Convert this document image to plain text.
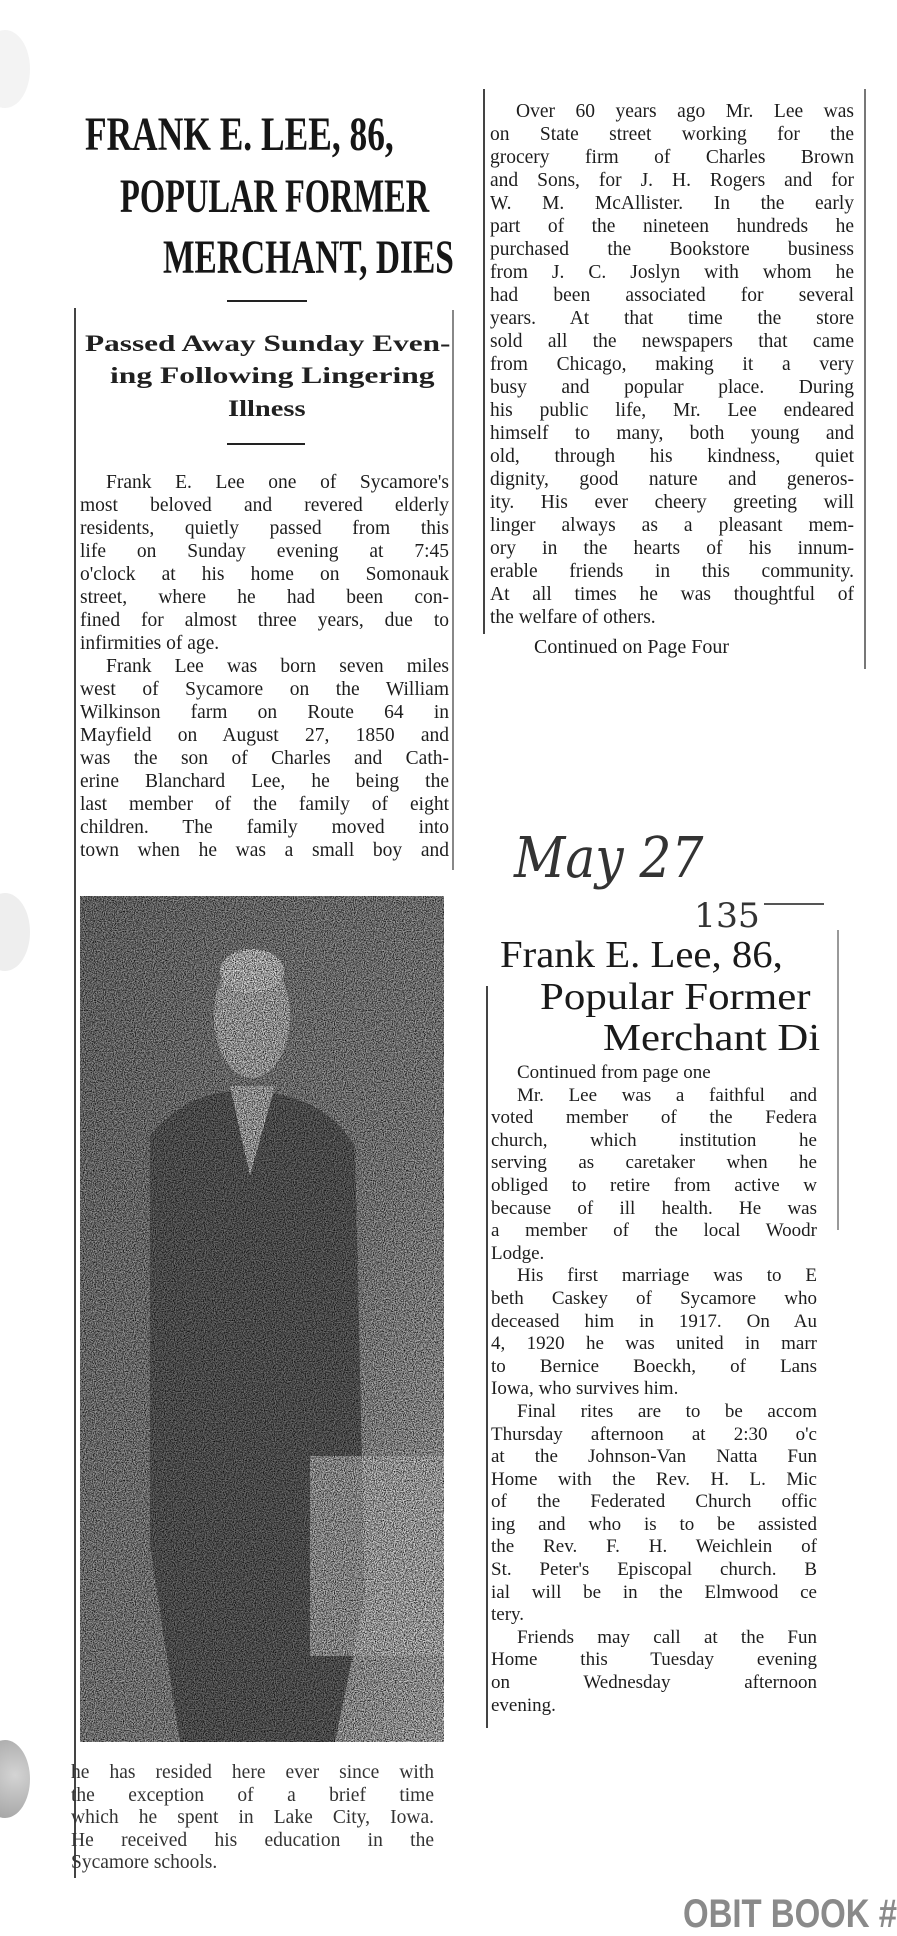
FRANK E. LEE, 86,
POPULAR FORMER
MERCHANT, DIES
Passed Away Sunday Even-
ing Following Lingering
Illness
Frank E. Lee one of Sycamore's
most beloved and revered elderly
residents, quietly passed from this
life on Sunday evening at 7:45
o'clock at his home on Somonauk
street, where he had been con-
fined for almost three years, due to
infirmities of age.
Frank Lee was born seven miles
west of Sycamore on the William
Wilkinson farm on Route 64 in
Mayfield on August 27, 1850 and
was the son of Charles and Cath-
erine Blanchard Lee, he being the
last member of the family of eight
children. The family moved into
town when he was a small boy and
he has resided here ever since with
the exception of a brief time
which he spent in Lake City, Iowa.
He received his education in the
Sycamore schools.
Over 60 years ago Mr. Lee was
on State street working for the
grocery firm of Charles Brown
and Sons, for J. H. Rogers and for
W. M. McAllister. In the early
part of the nineteen hundreds he
purchased the Bookstore business
from J. C. Joslyn with whom he
had been associated for several
years. At that time the store
sold all the newspapers that came
from Chicago, making it a very
busy and popular place. During
his public life, Mr. Lee endeared
himself to many, both young and
old, through his kindness, quiet
dignity, good nature and generos-
ity. His ever cheery greeting will
linger always as a pleasant mem-
ory in the hearts of his innum-
erable friends in this community.
At all times he was thoughtful of
the welfare of others.
Continued on Page Four
May 27
135
Frank E. Lee, 86,
Popular Former
Merchant Di
Continued from page one
Mr. Lee was a faithful and
voted member of the Federa
church, which institution he
serving as caretaker when he
obliged to retire from active w
because of ill health. He was
a member of the local Woodr
Lodge.
His first marriage was to E
beth Caskey of Sycamore who
deceased him in 1917. On Au
4, 1920 he was united in marr
to Bernice Boeckh, of Lans
Iowa, who survives him.
Final rites are to be accom
Thursday afternoon at 2:30 o'c
at the Johnson-Van Natta Fun
Home with the Rev. H. L. Mic
of the Federated Church offic
ing and who is to be assisted
the Rev. F. H. Weichlein of
St. Peter's Episcopal church. B
ial will be in the Elmwood ce
tery.
Friends may call at the Fun
Home this Tuesday evening
on Wednesday afternoon
evening.
OBIT BOOK #
